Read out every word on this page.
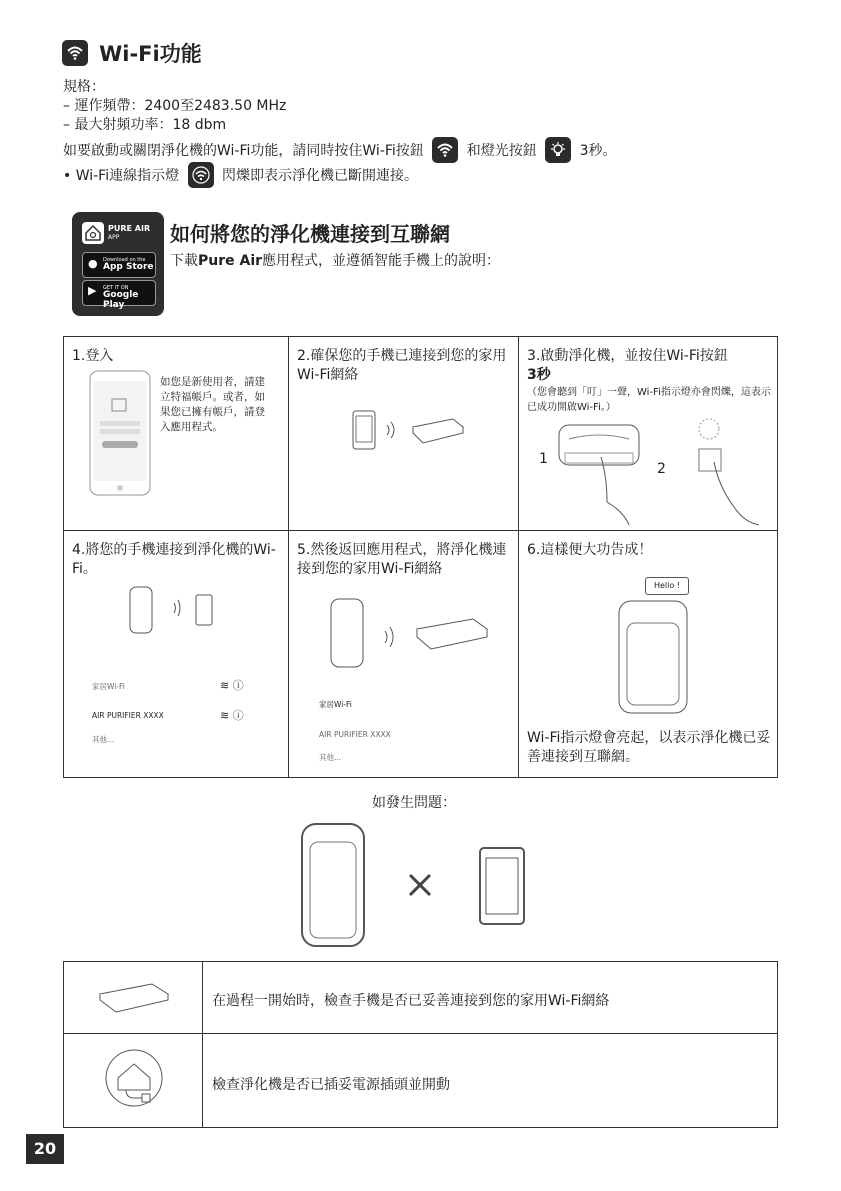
Wi-Fi功能
規格：
– 運作頻帶：2400至2483.50 MHz
– 最大射頻功率：18 dbm
如要啟動或關閉淨化機的Wi-Fi功能，請同時按住Wi-Fi按鈕	和燈光按鈕	3秒。
• Wi-Fi連線指示燈	閃爍即表示淨化機已斷開連接。
PURE AIR
APP
● Download on the
App Store
▶ GET IT ON
Google Play
如何將您的淨化機連接到互聯網
下載Pure Air應用程式，並遵循智能手機上的說明：
1.登入
如您是新使用者，請建立特福帳戶。或者，如果您已擁有帳戶，請登入應用程式。
2.確保您的手機已連接到您的家用Wi-Fi網絡
3.啟動淨化機，並按住Wi-Fi按鈕
3秒
（您會聽到「叮」一聲，Wi-Fi指示燈亦會閃爍，這表示已成功開啟Wi-Fi。）
1
2
4.將您的手機連接到淨化機的Wi-Fi。
家居Wi-Fi	≋ ⓘ
AIR PURIFIER XXXX	≋ ⓘ
其他...
5.然後返回應用程式，將淨化機連接到您的家用Wi-Fi網絡
家居Wi-Fi
AIR PURIFIER XXXX
其他...
6.這樣便大功告成！
Hello !
Wi-Fi指示燈會亮起，以表示淨化機已妥善連接到互聯網。
如發生問題：
在過程一開始時，檢查手機是否已妥善連接到您的家用Wi-Fi網絡
檢查淨化機是否已插妥電源插頭並開動
20
